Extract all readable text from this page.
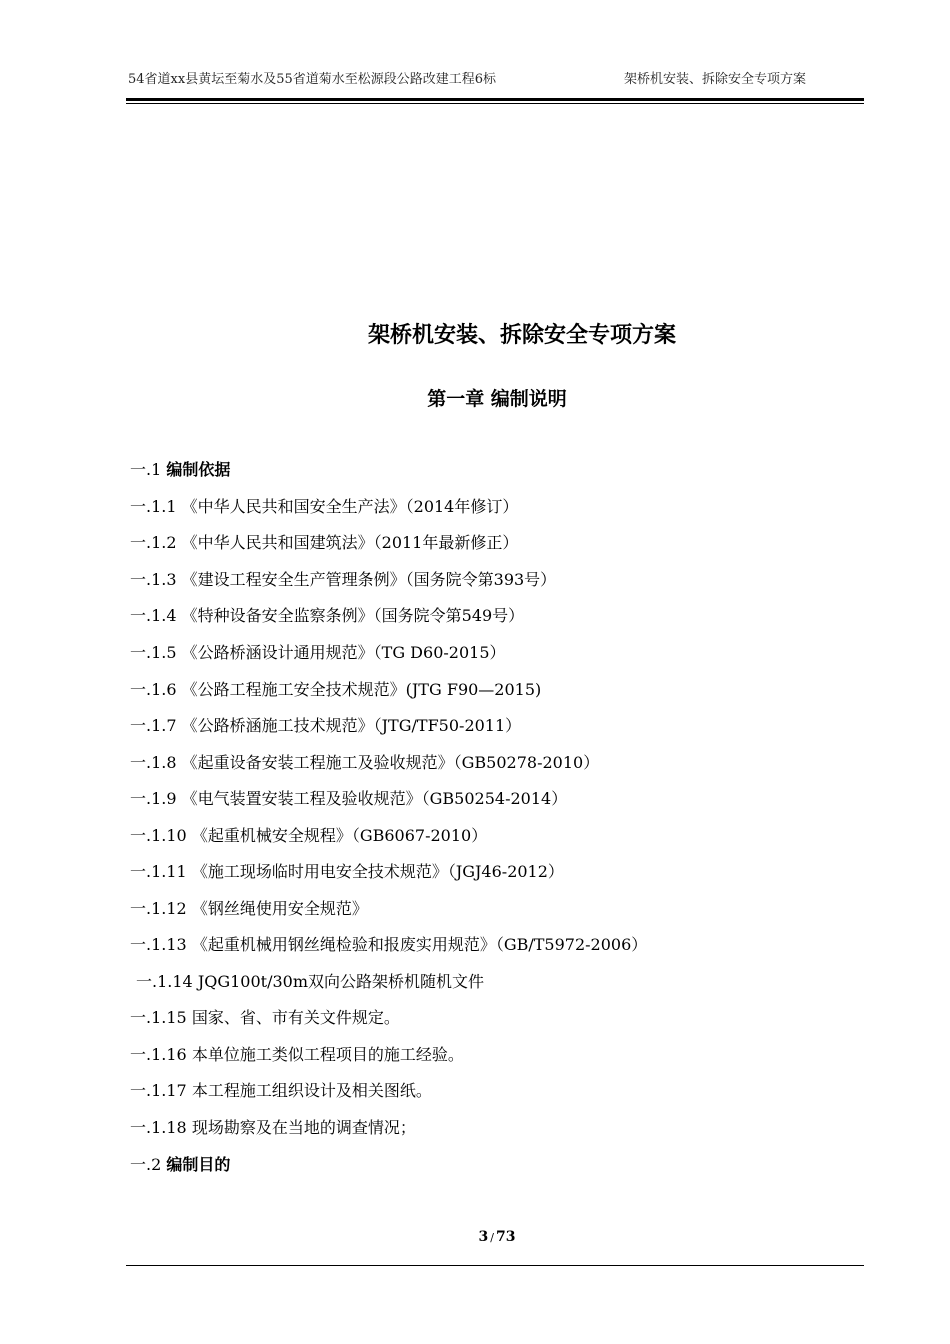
54省道xx县黄坛至菊水及55省道菊水至松源段公路改建工程6标	架桥机安装、拆除安全专项方案
架桥机安装、拆除安全专项方案
第一章 编制说明
一.1 编制依据
一.1.1 《中华人民共和国安全生产法》（2014年修订）
一.1.2 《中华人民共和国建筑法》（2011年最新修正）
一.1.3 《建设工程安全生产管理条例》（国务院令第393号）
一.1.4 《特种设备安全监察条例》（国务院令第549号）
一.1.5 《公路桥涵设计通用规范》（TG D60-2015）
一.1.6 《公路工程施工安全技术规范》(JTG F90—2015)
一.1.7 《公路桥涵施工技术规范》（JTG/TF50-2011）
一.1.8 《起重设备安装工程施工及验收规范》（GB50278-2010）
一.1.9 《电气装置安装工程及验收规范》（GB50254-2014）
一.1.10 《起重机械安全规程》（GB6067-2010）
一.1.11 《施工现场临时用电安全技术规范》（JGJ46-2012）
一.1.12 《钢丝绳使用安全规范》
一.1.13 《起重机械用钢丝绳检验和报废实用规范》（GB/T5972-2006）
一.1.14 JQG100t/30m双向公路架桥机随机文件
一.1.15 国家、省、市有关文件规定。
一.1.16 本单位施工类似工程项目的施工经验。
一.1.17 本工程施工组织设计及相关图纸。
一.1.18 现场勘察及在当地的调查情况；
一.2 编制目的
3 / 73
